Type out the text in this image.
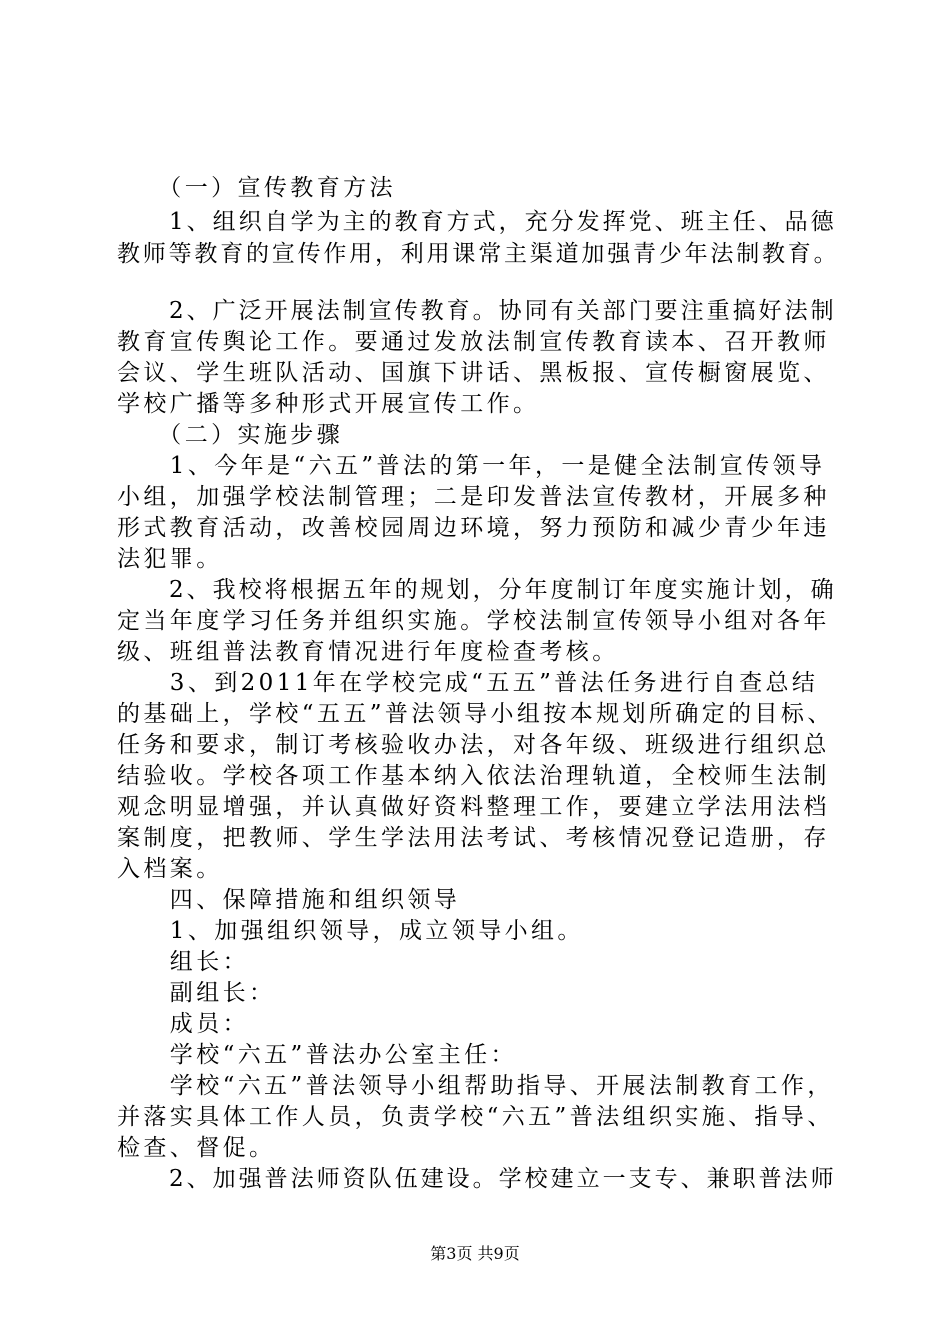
　　（一）宣传教育方法
　　1、组织自学为主的教育方式，充分发挥党、班主任、品德
教师等教育的宣传作用，利用课常主渠道加强青少年法制教育。
　　2、广泛开展法制宣传教育。协同有关部门要注重搞好法制
教育宣传舆论工作。要通过发放法制宣传教育读本、召开教师
会议、学生班队活动、国旗下讲话、黑板报、宣传橱窗展览、
学校广播等多种形式开展宣传工作。
　　（二）实施步骤
　　1、今年是“六五”普法的第一年，一是健全法制宣传领导
小组，加强学校法制管理；二是印发普法宣传教材，开展多种
形式教育活动，改善校园周边环境，努力预防和减少青少年违
法犯罪。
　　2、我校将根据五年的规划，分年度制订年度实施计划，确
定当年度学习任务并组织实施。学校法制宣传领导小组对各年
级、班组普法教育情况进行年度检查考核。
　　3、到2011年在学校完成“五五”普法任务进行自查总结
的基础上，学校“五五”普法领导小组按本规划所确定的目标、
任务和要求，制订考核验收办法，对各年级、班级进行组织总
结验收。学校各项工作基本纳入依法治理轨道，全校师生法制
观念明显增强，并认真做好资料整理工作，要建立学法用法档
案制度，把教师、学生学法用法考试、考核情况登记造册，存
入档案。
　　四、保障措施和组织领导
　　1、加强组织领导，成立领导小组。
　　组长：
　　副组长：
　　成员：
　　学校“六五”普法办公室主任：
　　学校“六五”普法领导小组帮助指导、开展法制教育工作，
并落实具体工作人员，负责学校“六五”普法组织实施、指导、
检查、督促。
　　2、加强普法师资队伍建设。学校建立一支专、兼职普法师
第3页 共9页
